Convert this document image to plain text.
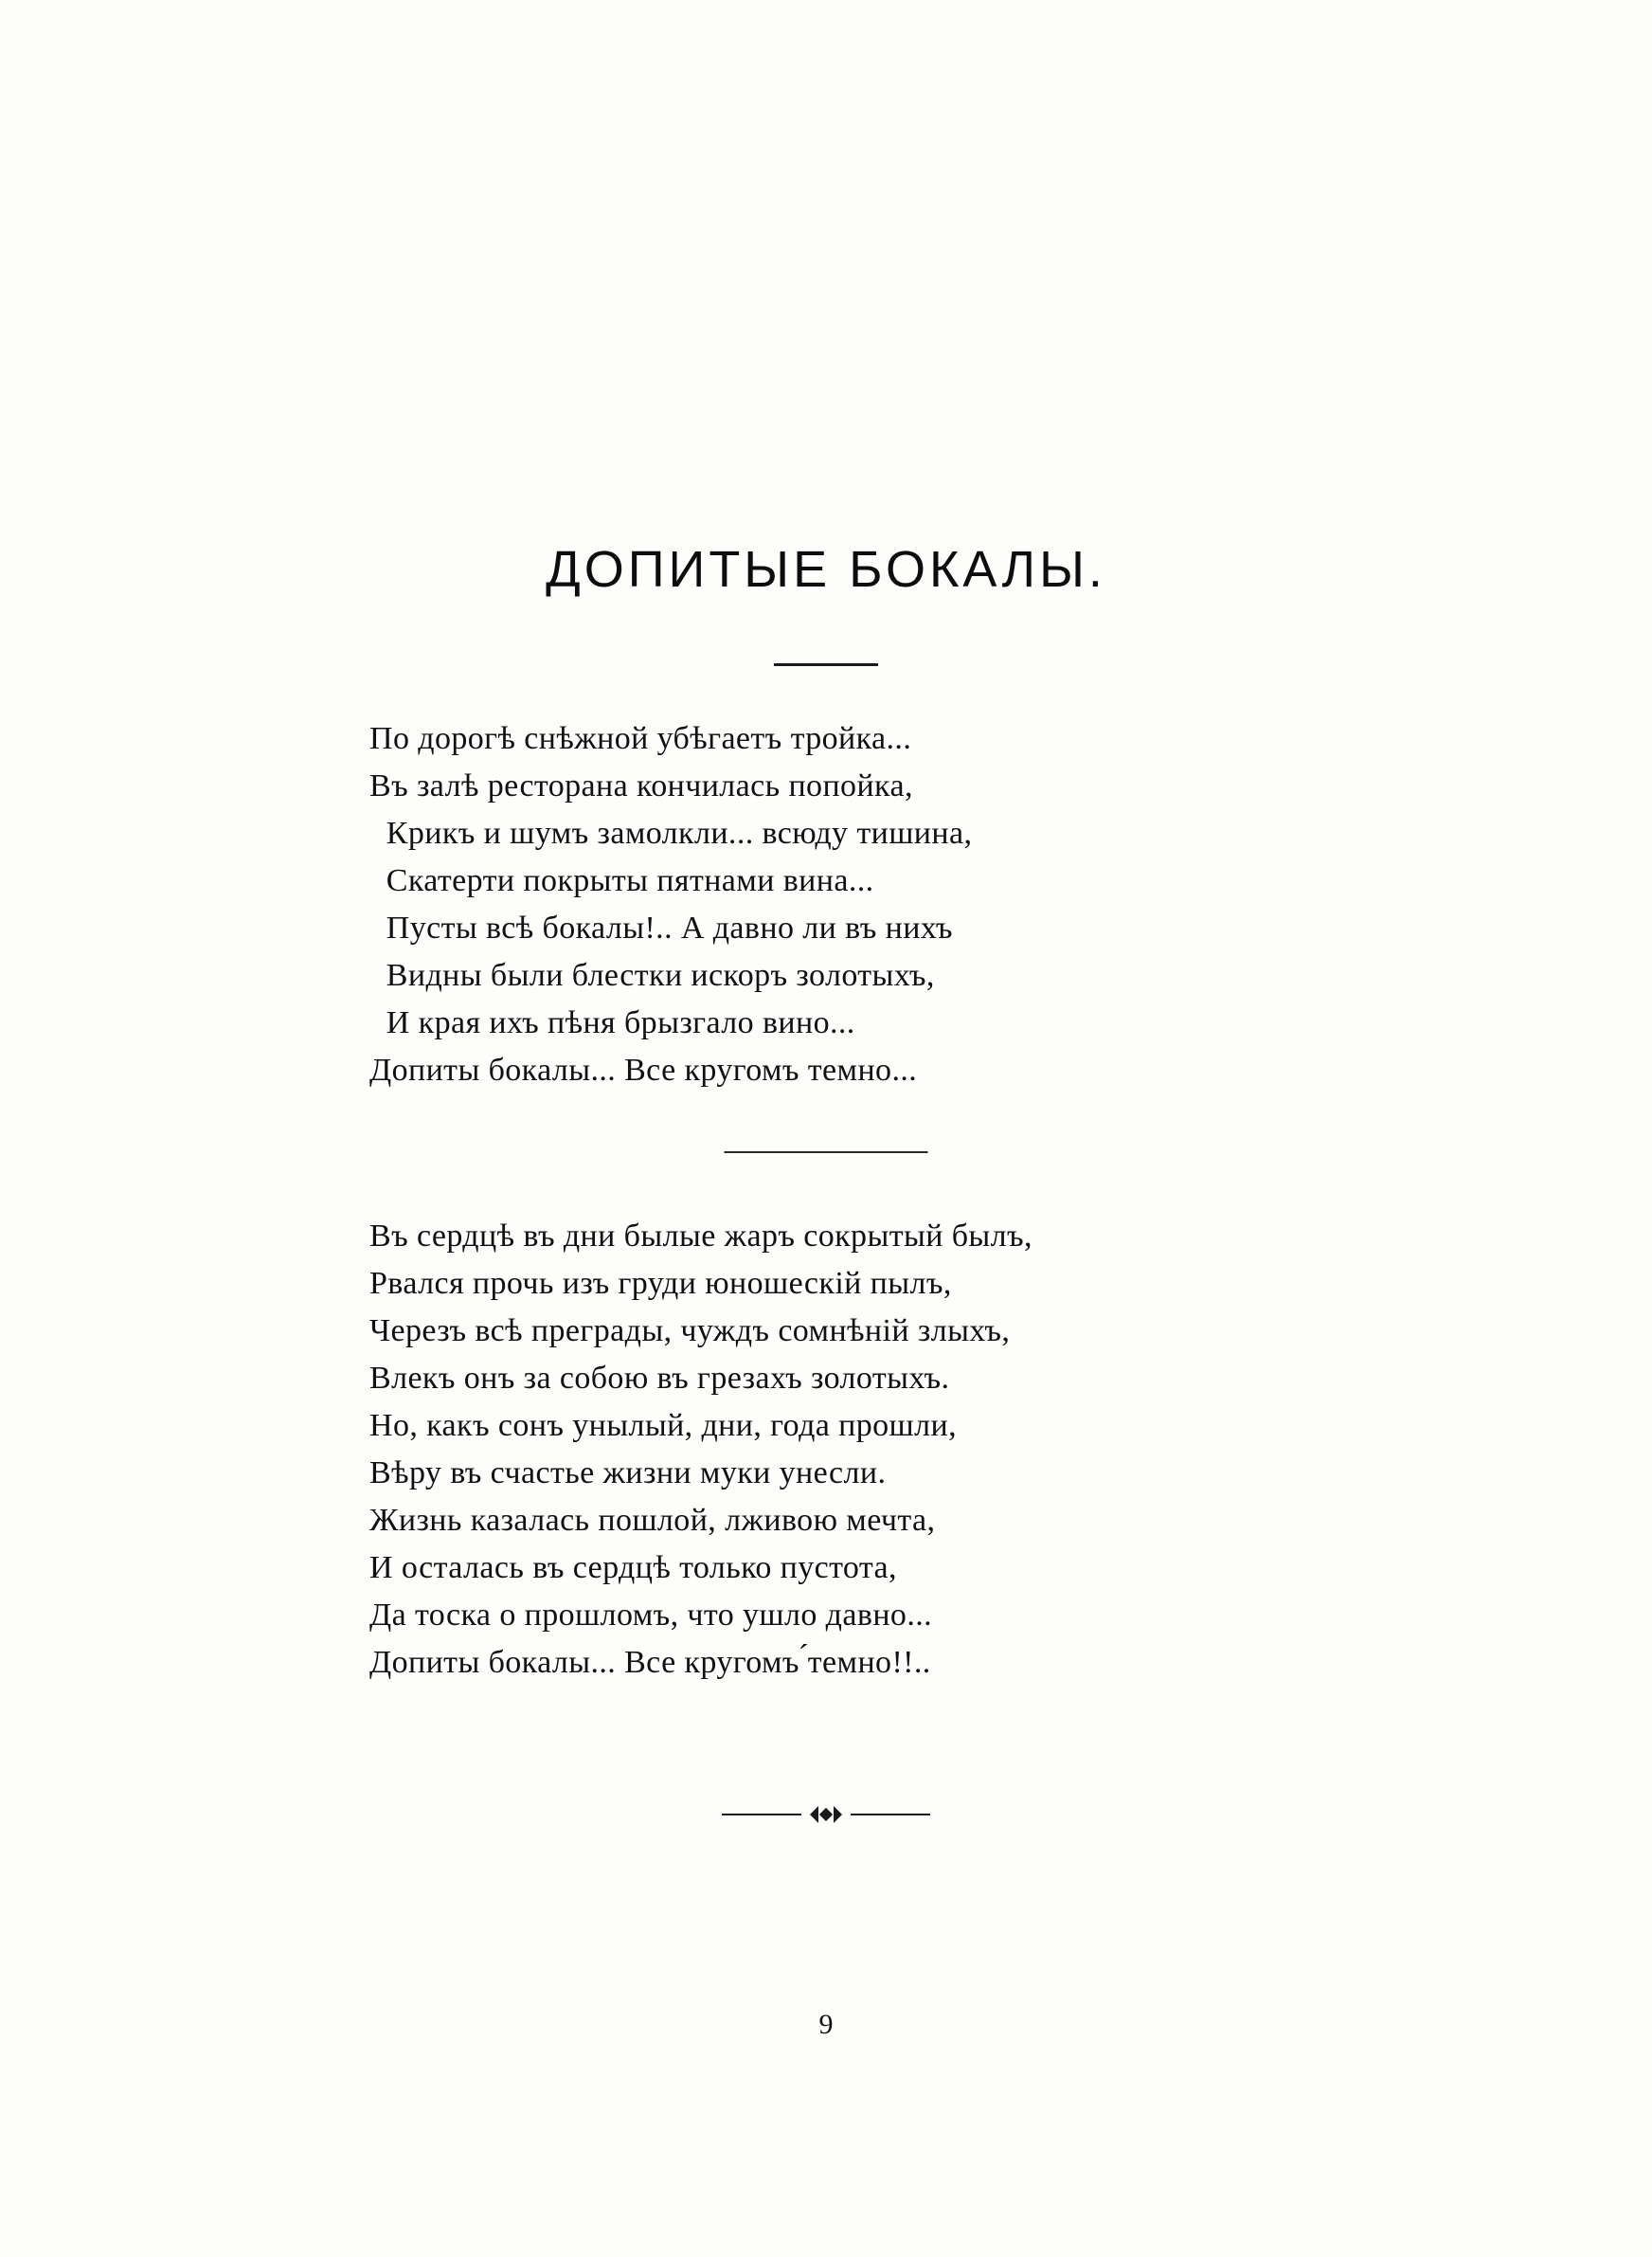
ДОПИТЫЕ БОКАЛЫ.
По дорогѣ снѣжной убѣгаетъ тройка...
Въ залѣ ресторана кончилась попойка,
Крикъ и шумъ замолкли... всюду тишина,
Скатерти покрыты пятнами вина...
Пусты всѣ бокалы!.. А давно ли въ нихъ
Видны были блестки искоръ золотыхъ,
И края ихъ пѣня брызгало вино...
Допиты бокалы... Все кругомъ темно...
Въ сердцѣ въ дни былые жаръ сокрытый былъ,
Рвался прочь изъ груди юношескій пылъ,
Черезъ всѣ преграды, чуждъ сомнѣній злыхъ,
Влекъ онъ за собою въ грезахъ золотыхъ.
Но, какъ сонъ унылый, дни, года прошли,
Вѣру въ счастье жизни муки унесли.
Жизнь казалась пошлой, лживою мечта,
И осталась въ сердцѣ только пустота,
Да тоска о прошломъ, что ушло давно...
Допиты бокалы... Все кругомъ ́темно!!..
9
